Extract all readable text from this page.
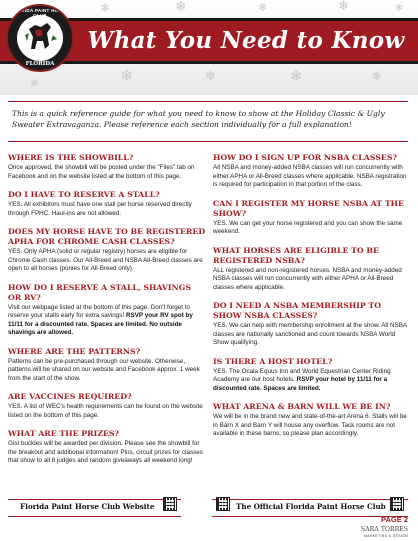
❄	❄	❄	❄	❄
❄	❄	❄	❄
❄
What You Need to Know
FLORIDA PAINT HORSE
FLORIDA
This is a quick reference guide for what you need to know to show at the Holiday Classic & Ugly Sweater Extravaganza. Please reference each section individually for a full explanation!
WHERE IS THE SHOWBILL?
Once approved, the showbill will be posted under the "Files" tab on Facebook and on the website listed at the bottom of this page.
DO I HAVE TO RESERVE A STALL?
YES. All exhibitors must have one stall per horse reserved directly through FPHC. Haul-ins are not allowed.
DOES MY HORSE HAVE TO BE REGISTERED APHA FOR CHROME CASH CLASSES?
YES. Only APHA (solid or regular registry) horses are eligible for Chrome Cash classes. Our All-Breed and NSBA All-Breed classes are open to all horses (ponies for All-Breed only).
HOW DO I RESERVE A STALL, SHAVINGS OR RV?
Visit our webpage listed at the bottom of this page. Don't forget to reserve your stalls early for extra savings! RSVP your RV spot by 11/11 for a discounted rate. Spaces are limited. No outside shavings are allowed.
WHERE ARE THE PATTERNS?
Patterns can be pre-purchased through our website. Otherwise, patterns will be shared on our website and Facebook approx. 1 week from the start of the show.
ARE VACCINES REQUIRED?
YES. A list of WEC's health requirements can be found on the website listed on the bottom of this page.
WHAT ARE THE PRIZES?
Gist buckles will be awarded per division. Please see the showbill for the breakout and additional information! Plus, circuit prizes for classes that show to all 8 judges and random giveaways all weekend long!
HOW DO I SIGN UP FOR NSBA CLASSES?
All NSBA and money-added NSBA classes will run concurrently with either APHA or All-Breed classes where applicable. NSBA registration is required for participation in that portion of the class.
CAN I REGISTER MY HORSE NSBA AT THE SHOW?
YES. We can get your horse registered and you can show the same weekend.
WHAT HORSES ARE ELIGIBLE TO BE REGISTERED NSBA?
ALL registered and non-registered horses. NSBA and money-added NSBA classes will run concurrently with either APHA or All-Breed classes where applicable.
DO I NEED A NSBA MEMBERSHIP TO SHOW NSBA CLASSES?
YES. We can help with membership enrollment at the show. All NSBA classes are nationally sanctioned and count towards NSBA World Show qualifying.
IS THERE A HOST HOTEL?
YES. The Ocala Equus Inn and World Equestrian Center Riding Academy are our host hotels. RSVP your hotel by 11/11 for a discounted rate. Spaces are limited.
WHAT ARENA & BARN WILL WE BE IN?
We will be in the brand new and state-of-the-art Arena 6. Stalls will be in Barn X and Barn Y will house any overflow. Tack rooms are not available in these barns, so please plan accordingly.
Florida Paint Horse Club Website	The Official Florida Paint Horse Club
PAGE 2
SARA TORRES
MARKETING & DESIGN
